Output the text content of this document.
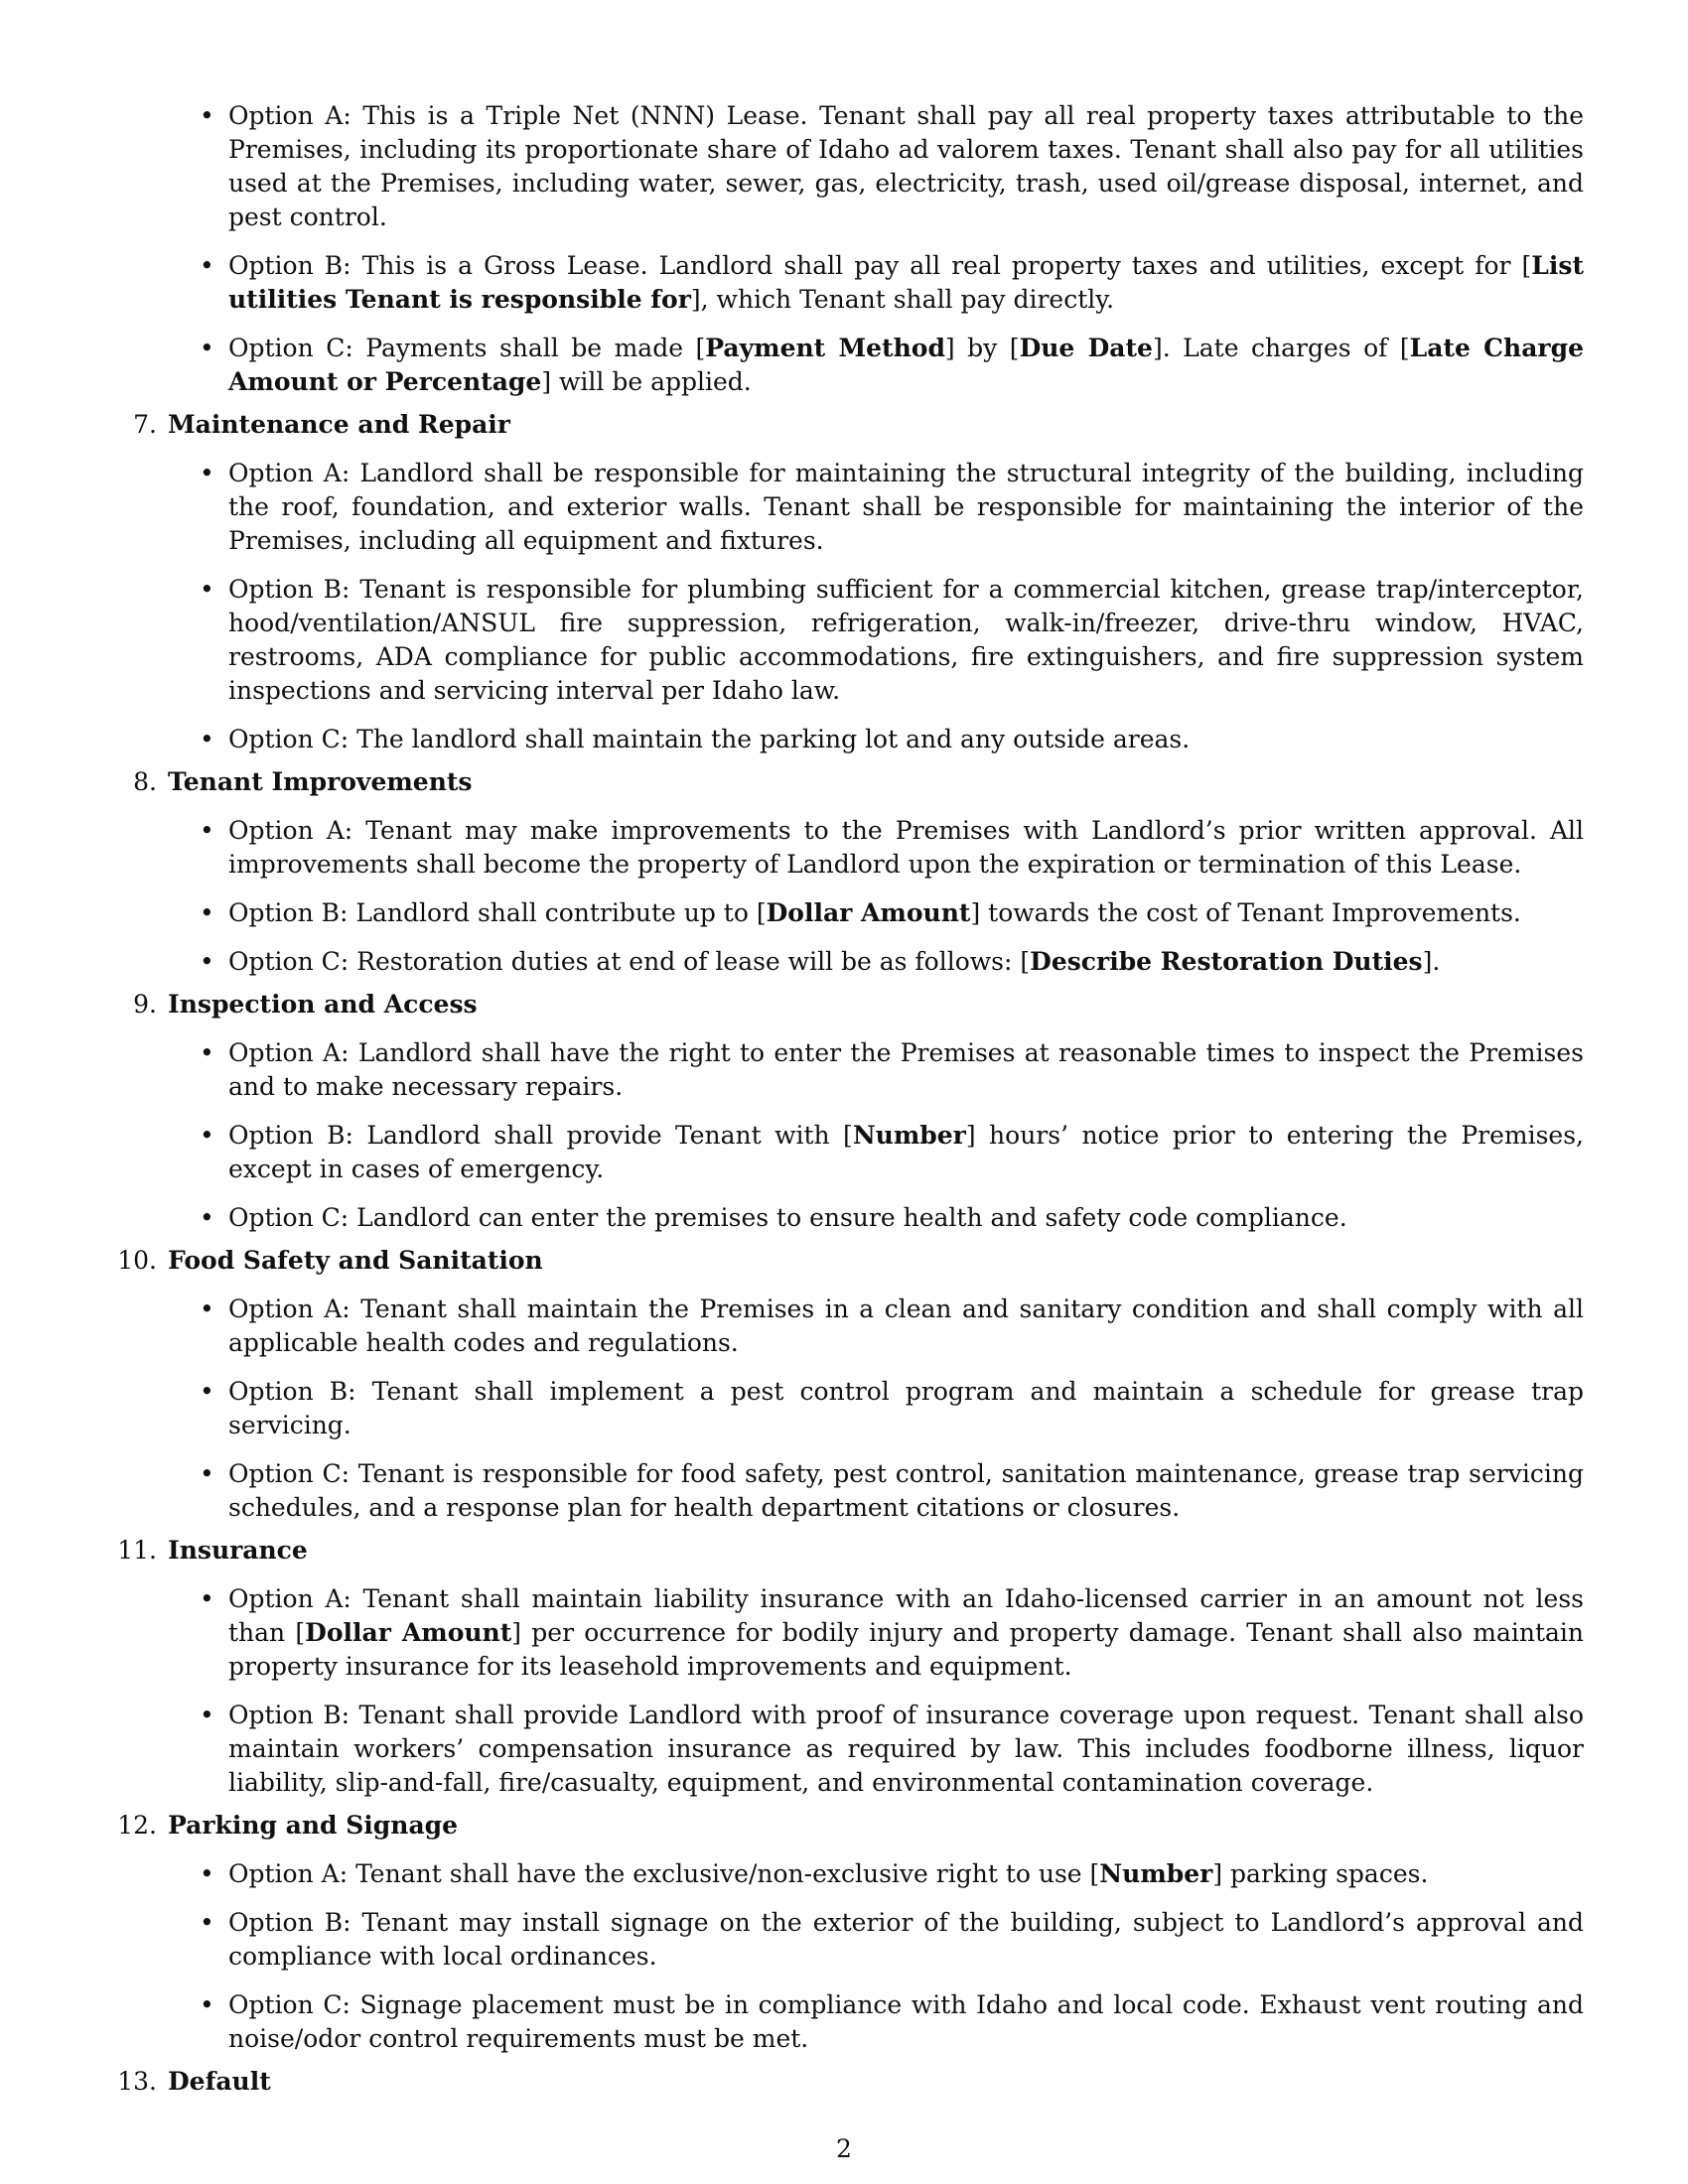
• Option A: This is a Triple Net (NNN) Lease. Tenant shall pay all real property taxes attributable to the Premises, including its proportionate share of Idaho ad valorem taxes. Tenant shall also pay for all utilities used at the Premises, including water, sewer, gas, electricity, trash, used oil/grease disposal, internet, and pest control.
• Option B: This is a Gross Lease. Landlord shall pay all real property taxes and utilities, except for [List utilities Tenant is responsible for], which Tenant shall pay directly.
• Option C: Payments shall be made [Payment Method] by [Due Date]. Late charges of [Late Charge Amount or Percentage] will be applied.
7. Maintenance and Repair
• Option A: Landlord shall be responsible for maintaining the structural integrity of the building, including the roof, foundation, and exterior walls. Tenant shall be responsible for maintaining the interior of the Premises, including all equipment and fixtures.
• Option B: Tenant is responsible for plumbing sufficient for a commercial kitchen, grease trap/interceptor, hood/ventilation/ANSUL fire suppression, refrigeration, walk-in/freezer, drive-thru window, HVAC, restrooms, ADA compliance for public accommodations, fire extinguishers, and fire suppression system inspections and servicing interval per Idaho law.
• Option C: The landlord shall maintain the parking lot and any outside areas.
8. Tenant Improvements
• Option A: Tenant may make improvements to the Premises with Landlord’s prior written approval. All improvements shall become the property of Landlord upon the expiration or termination of this Lease.
• Option B: Landlord shall contribute up to [Dollar Amount] towards the cost of Tenant Improvements.
• Option C: Restoration duties at end of lease will be as follows: [Describe Restoration Duties].
9. Inspection and Access
• Option A: Landlord shall have the right to enter the Premises at reasonable times to inspect the Premises and to make necessary repairs.
• Option B: Landlord shall provide Tenant with [Number] hours’ notice prior to entering the Premises, except in cases of emergency.
• Option C: Landlord can enter the premises to ensure health and safety code compliance.
10. Food Safety and Sanitation
• Option A: Tenant shall maintain the Premises in a clean and sanitary condition and shall comply with all applicable health codes and regulations.
• Option B: Tenant shall implement a pest control program and maintain a schedule for grease trap servicing.
• Option C: Tenant is responsible for food safety, pest control, sanitation maintenance, grease trap servicing schedules, and a response plan for health department citations or closures.
11. Insurance
• Option A: Tenant shall maintain liability insurance with an Idaho-licensed carrier in an amount not less than [Dollar Amount] per occurrence for bodily injury and property damage. Tenant shall also maintain property insurance for its leasehold improvements and equipment.
• Option B: Tenant shall provide Landlord with proof of insurance coverage upon request. Tenant shall also maintain workers’ compensation insurance as required by law. This includes foodborne illness, liquor liability, slip-and-fall, fire/casualty, equipment, and environmental contamination coverage.
12. Parking and Signage
• Option A: Tenant shall have the exclusive/non-exclusive right to use [Number] parking spaces.
• Option B: Tenant may install signage on the exterior of the building, subject to Landlord’s approval and compliance with local ordinances.
• Option C: Signage placement must be in compliance with Idaho and local code. Exhaust vent routing and noise/odor control requirements must be met.
13. Default
2
